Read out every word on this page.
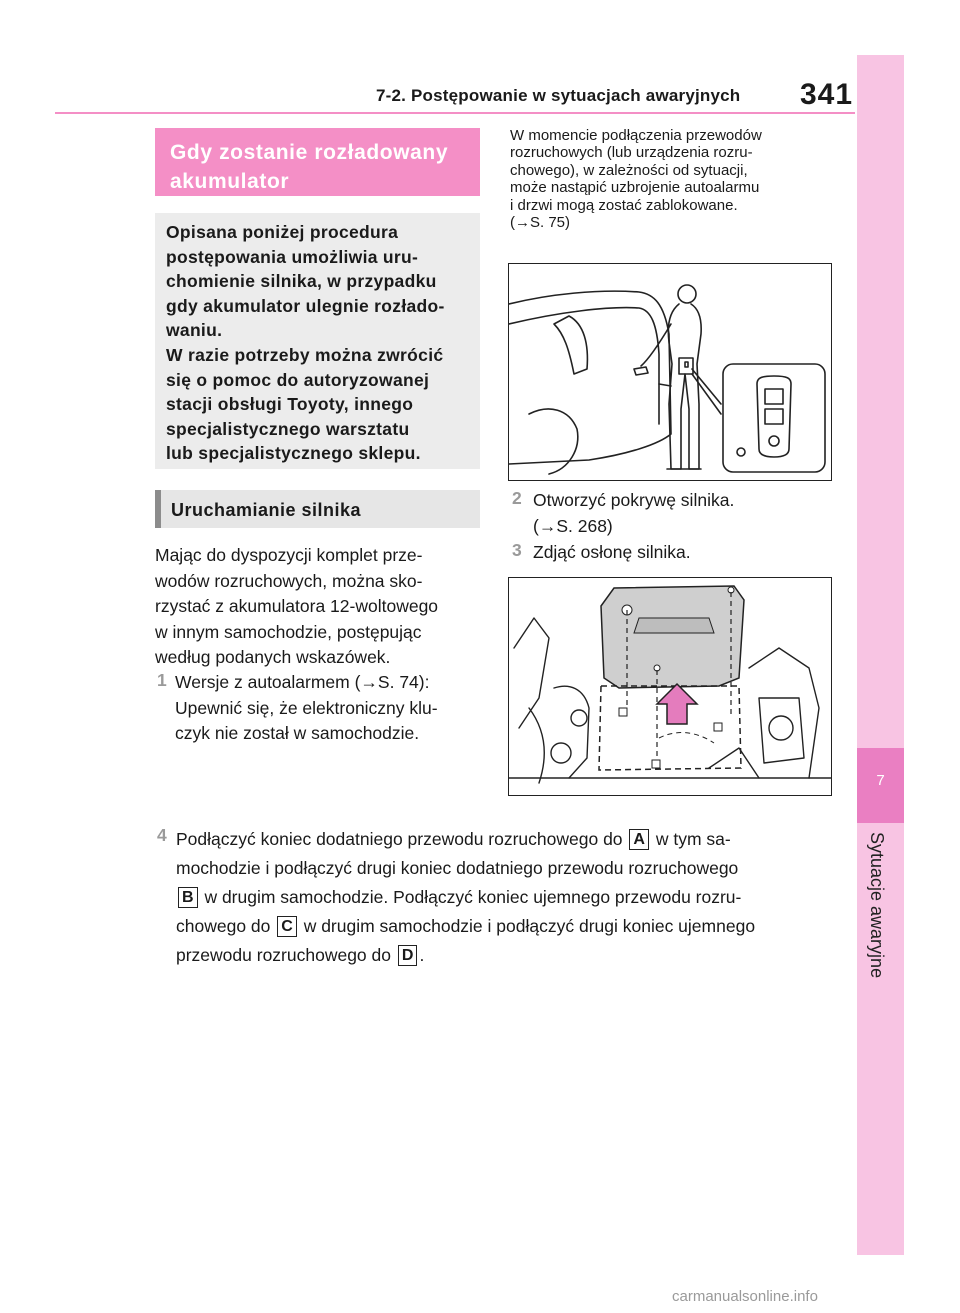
7-2. Postępowanie w sytuacjach awaryjnych 341
7
Sytuacje awaryjne
Gdy zostanie rozładowany
akumulator
Opisana poniżej procedura
postępowania umożliwia uru-
chomienie silnika, w przypadku
gdy akumulator ulegnie rozłado-
waniu.
W razie potrzeby można zwrócić
się o pomoc do autoryzowanej
stacji obsługi Toyoty, innego
specjalistycznego warsztatu
lub specjalistycznego sklepu.
Uruchamianie silnika
Mając do dyspozycji komplet prze-
wodów rozruchowych, można sko-
rzystać z akumulatora 12-woltowego
w innym samochodzie, postępując
według podanych wskazówek.
1 Wersje z autoalarmem (→S. 74):
Upewnić się, że elektroniczny klu-
czyk nie został w samochodzie.
W momencie podłączenia przewodów
rozruchowych (lub urządzenia rozru-
chowego), w zależności od sytuacji,
może nastąpić uzbrojenie autoalarmu
i drzwi mogą zostać zablokowane.
(→S. 75)
2 Otworzyć pokrywę silnika.
(→S. 268)
3 Zdjąć osłonę silnika.
4 Podłączyć koniec dodatniego przewodu rozruchowego do A w tym sa-
mochodzie i podłączyć drugi koniec dodatniego przewodu rozruchowego
B w drugim samochodzie. Podłączyć koniec ujemnego przewodu rozru-
chowego do C w drugim samochodzie i podłączyć drugi koniec ujemnego
przewodu rozruchowego do D .
carmanualsonline.info
